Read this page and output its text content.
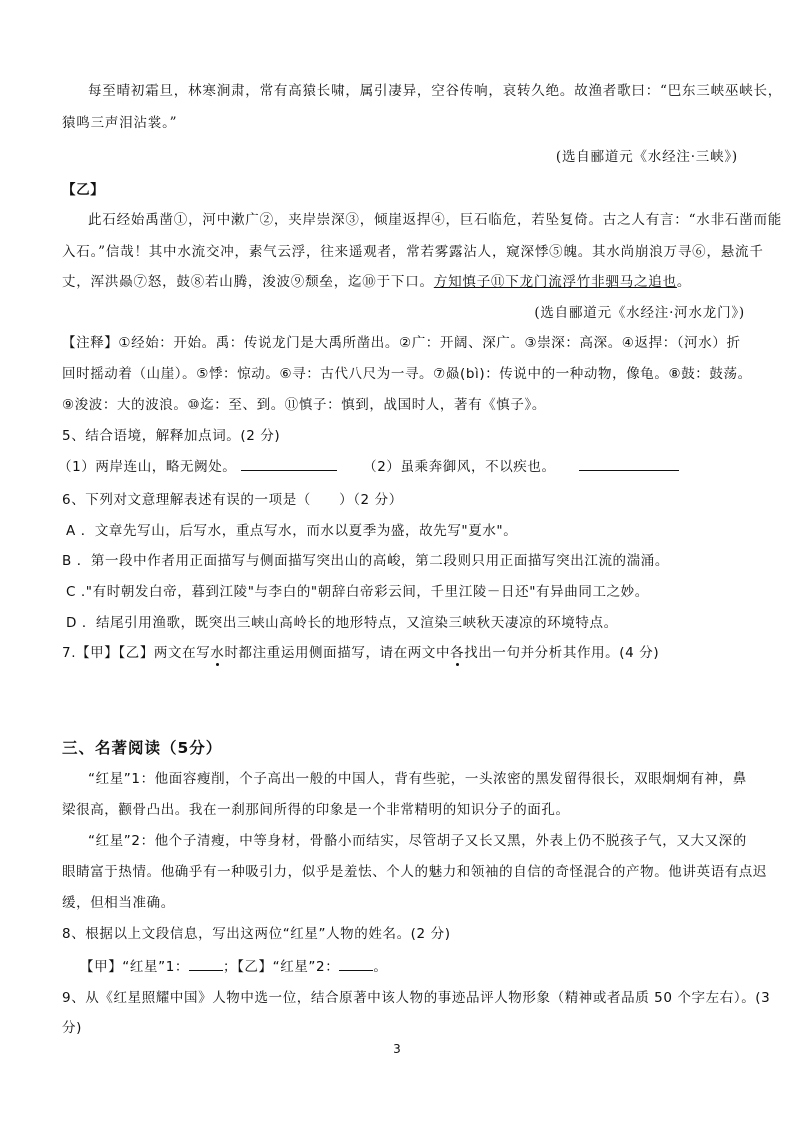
每至晴初霜旦，林寒涧肃，常有高猿长啸，属引凄异，空谷传响，哀转久绝。故渔者歌曰：“巴东三峡巫峡长，
猿鸣三声泪沾裳。”
(选自郦道元《水经注·三峡》)
【乙】
此石经始禹凿①，河中漱广②，夹岸崇深③，倾崖返捍④，巨石临危，若坠复倚。古之人有言：“水非石凿而能
入石。”信哉！其中水流交冲，素气云浮，往来遥观者，常若雾露沾人，窥深悸⑤魄。其水尚崩浪万寻⑥，悬流千
丈，浑洪赑⑦怒，鼓⑧若山腾，浚波⑨颓垒，迄⑩于下口。方知慎子⑪下龙门流浮竹非驷马之追也。
(选自郦道元《水经注·河水龙门》)
【注释】①经始：开始。禹：传说龙门是大禹所凿出。②广：开阔、深广。③崇深：高深。④返捍：（河水）折
回时摇动着（山崖）。⑤悸：惊动。⑥寻：古代八尺为一寻。⑦赑(bì)：传说中的一种动物，像龟。⑧鼓：鼓荡。
⑨浚波：大的波浪。⑩迄：至、到。⑪慎子：慎到，战国时人，著有《慎子》。
5、结合语境，解释加点词。(2 分)
（1）两岸连山，略无阙处。	（2）虽乘奔御风，不以疾也。
6、下列对文意理解表述有误的一项是（　　）（2 分）
A ．文章先写山，后写水，重点写水，而水以夏季为盛，故先写"夏水"。
B ．第一段中作者用正面描写与侧面描写突出山的高峻，第二段则只用正面描写突出江流的湍涌。
C ."有时朝发白帝，暮到江陵"与李白的"朝辞白帝彩云间，千里江陵－日还"有异曲同工之妙。
D ．结尾引用渔歌，既突出三峡山高岭长的地形特点，又渲染三峡秋天凄凉的环境特点。
7.【甲】【乙】两文在写水时都注重运用侧面描写，请在两文中各找出一句并分析其作用。(4 分)
三、名著阅读（5分）
“红星”1：他面容瘦削，个子高出一般的中国人，背有些驼，一头浓密的黑发留得很长，双眼炯炯有神，鼻
梁很高，颧骨凸出。我在一刹那间所得的印象是一个非常精明的知识分子的面孔。
“红星”2：他个子清瘦，中等身材，骨骼小而结实，尽管胡子又长又黑，外表上仍不脱孩子气，又大又深的
眼睛富于热情。他确乎有一种吸引力，似乎是羞怯、个人的魅力和领袖的自信的奇怪混合的产物。他讲英语有点迟
缓，但相当准确。
8、根据以上文段信息，写出这两位“红星”人物的姓名。(2 分)
【甲】“红星”1：	；【乙】“红星”2：	。
9、从《红星照耀中国》人物中选一位，结合原著中该人物的事迹品评人物形象（精神或者品质 50 个字左右）。(3
分)
3
